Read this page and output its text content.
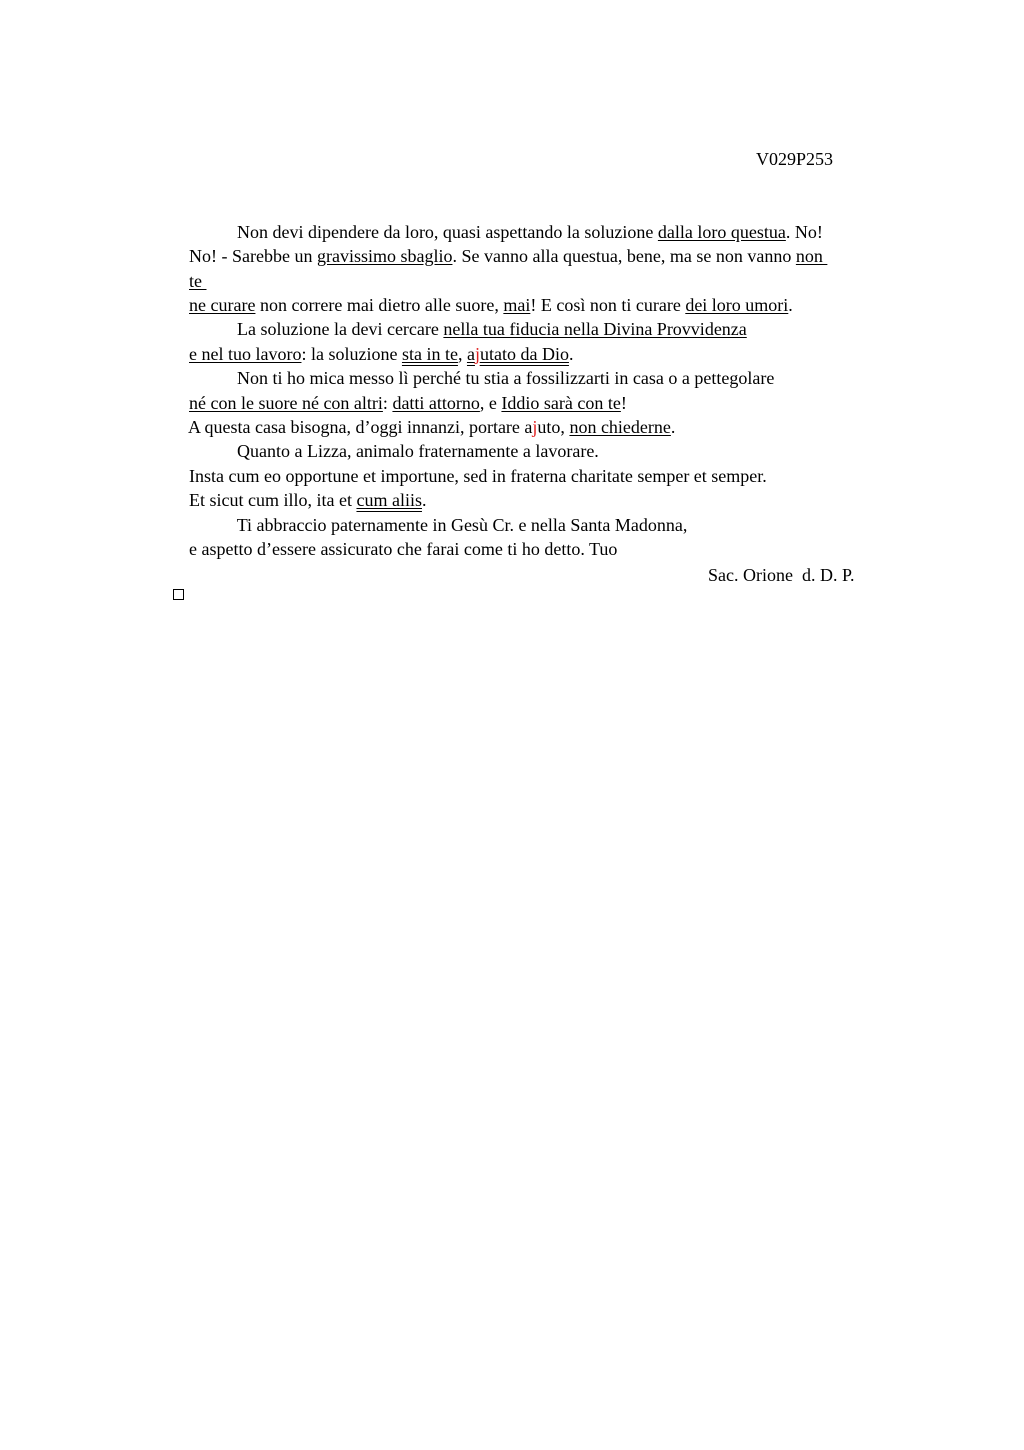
V029P253

Non devi dipendere da loro, quasi aspettando la soluzione dalla loro questua. No!

No! - Sarebbe un gravissimo sbaglio. Se vanno alla questua, bene, ma se non vanno non

te

ne curare non correre mai dietro alle suore, mai! E così non ti curare dei loro umori.

La soluzione la devi cercare nella tua fiducia nella Divina Provvidenza

e nel tuo lavoro: la soluzione sta in te, ajutato da Dio.

Non ti ho mica messo lì perché tu stia a fossilizzarti in casa o a pettegolare

né con le suore né con altri: datti attorno, e Iddio sarà con te!

A questa casa bisogna, d’oggi innanzi, portare ajuto, non chiederne.

Quanto a Lizza, animalo fraternamente a lavorare.

Insta cum eo opportune et importune, sed in fraterna charitate semper et semper.

Et sicut cum illo, ita et cum aliis.

Ti abbraccio paternamente in Gesù Cr. e nella Santa Madonna,

e aspetto d’essere assicurato che farai come ti ho detto. Tuo

Sac. Orione  d. D. P.
